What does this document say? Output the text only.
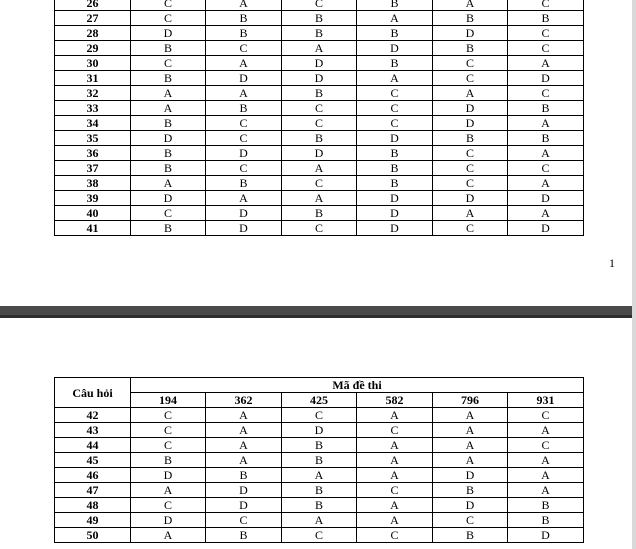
26	C	A	C	B	A	C
27	C	B	B	A	B	B
28	D	B	B	B	D	C
29	B	C	A	D	B	C
30	C	A	D	B	C	A
31	B	D	D	A	C	D
32	A	A	B	C	A	C
33	A	B	C	C	D	B
34	B	C	C	C	D	A
35	D	C	B	D	B	B
36	B	D	D	B	C	A
37	B	C	A	B	C	C
38	A	B	C	B	C	A
39	D	A	A	D	D	D
40	C	D	B	D	A	A
41	B	D	C	D	C	D
1
Câu hỏi	Mã đề thi					
	194	362	425	582	796	931
42	C	A	C	A	A	C
43	C	A	D	C	A	A
44	C	A	B	A	A	C
45	B	A	B	A	A	A
46	D	B	A	A	D	A
47	A	D	B	C	B	A
48	C	D	B	A	D	B
49	D	C	A	A	C	B
50	A	B	C	C	B	D
